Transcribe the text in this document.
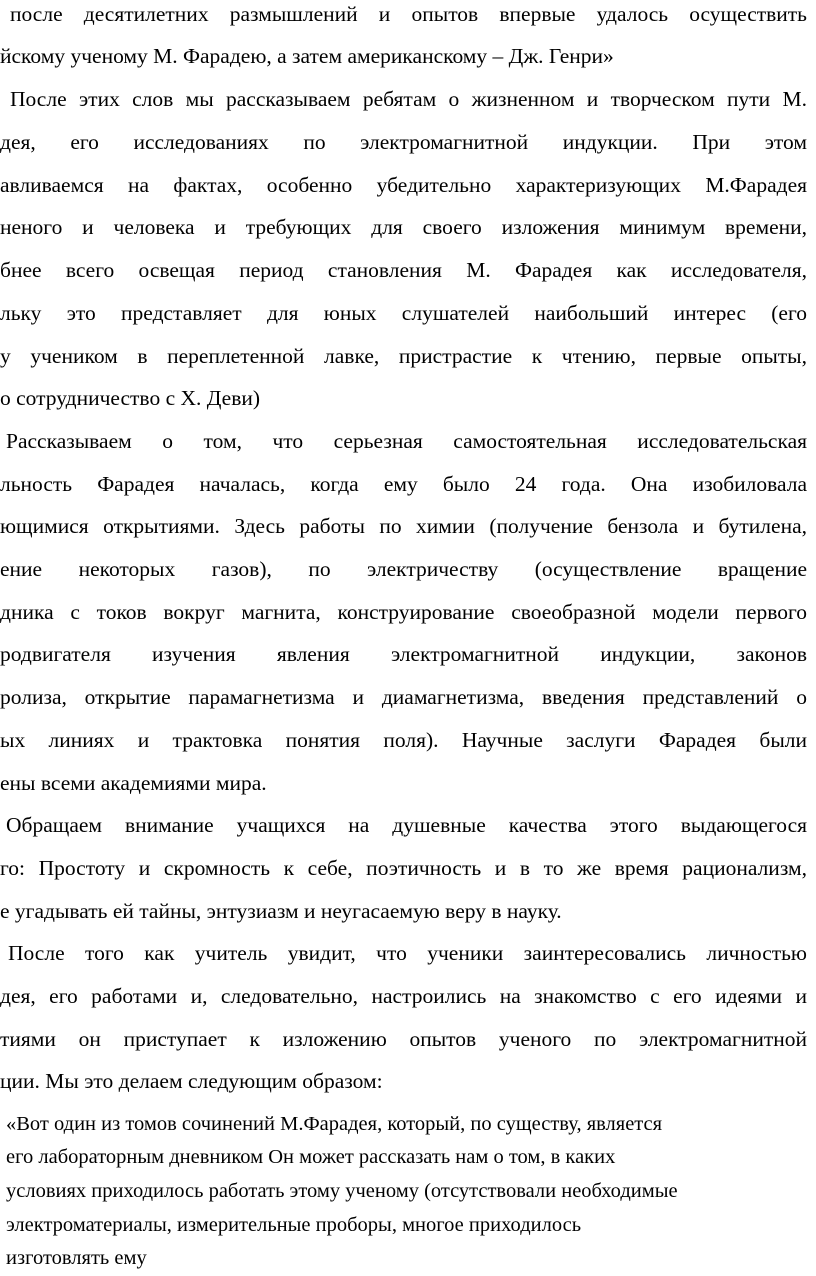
после десятилетних размышлений и опытов впервые удалось осуществить
йскому ученому М. Фарадею, а затем американскому – Дж. Генри»
После этих слов мы рассказываем ребятам о жизненном и творческом пути М.
дея, его исследованиях по электромагнитной индукции. При этом
авливаемся на фактах, особенно убедительно характеризующих М.Фарадея
неного и человека и требующих для своего изложения минимум времени,
бнее всего освещая период становления М. Фарадея как исследователя,
льку это представляет для юных слушателей наибольший интерес (его
у учеником в переплетенной лавке, пристрастие к чтению, первые опыты,
о сотрудничество с Х. Деви)
Рассказываем о том, что серьезная самостоятельная исследовательская
льность Фарадея началась, когда ему было 24 года. Она изобиловала
ющимися открытиями. Здесь работы по химии (получение бензола и бутилена,
ение некоторых газов), по электричеству (осуществление вращение
дника с токов вокруг магнита, конструирование своеобразной модели первого
родвигателя изучения явления электромагнитной индукции, законов
ролиза, открытие парамагнетизма и диамагнетизма, введения представлений о
ых линиях и трактовка понятия поля). Научные заслуги Фарадея были
ены всеми академиями мира.
Обращаем внимание учащихся на душевные качества этого выдающегося
го: Простоту и скромность к себе, поэтичность и в то же время рационализм,
е угадывать ей тайны, энтузиазм и неугасаемую веру в науку.
После того как учитель увидит, что ученики заинтересовались личностью
дея, его работами и, следовательно, настроились на знакомство с его идеями и
тиями он приступает к изложению опытов ученого по электромагнитной
ции. Мы это делаем следующим образом:
«Вот один из томов сочинений М.Фарадея, который, по существу, является
его лабораторным дневником Он может рассказать нам о том, в каких
условиях приходилось работать этому ученому (отсутствовали необходимые
электроматериалы, измерительные проборы, многое приходилось
изготовлять ему
